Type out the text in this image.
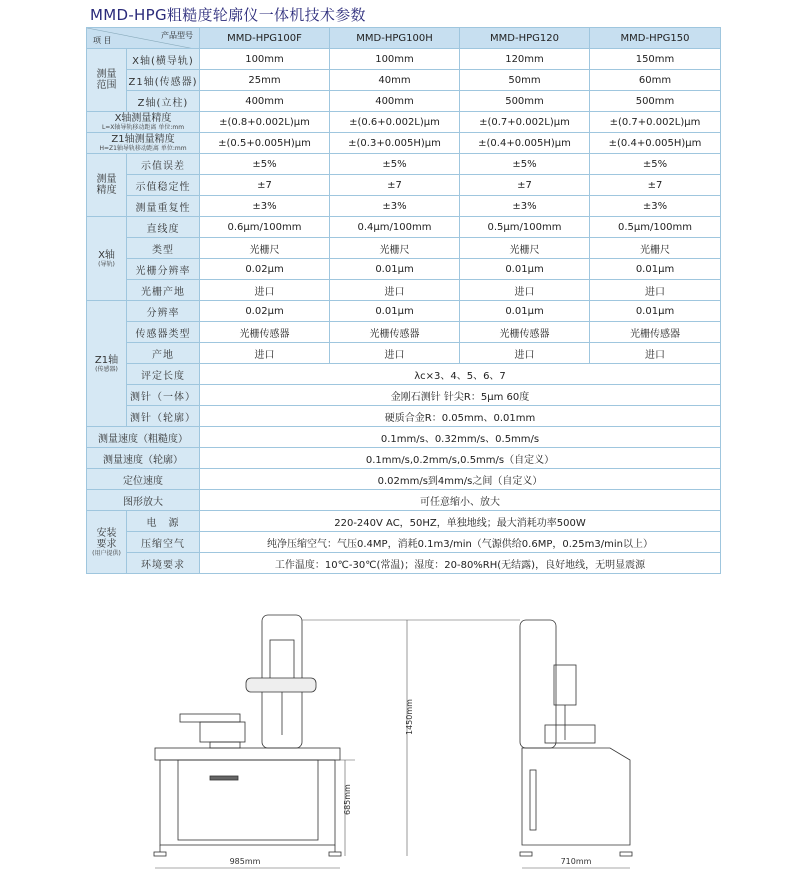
MMD-HPG粗糙度轮廓仪一体机技术参数
产品型号
项 目		MMD-HPG100F	MMD-HPG100H	MMD-HPG120	MMD-HPG150

测量范围	X轴(横导轨)	100mm	100mm	120mm	150mm
	Z1轴(传感器)	25mm	40mm	50mm	60mm
	Z轴(立柱)	400mm	400mm	500mm	500mm

X轴测量精度
L=X轴导轨移动距离 单位:mm		±(0.8+0.002L)μm	±(0.6+0.002L)μm	±(0.7+0.002L)μm	±(0.7+0.002L)μm

Z1轴测量精度
H=Z1轴导轨移动距离 单位:mm		±(0.5+0.005H)μm	±(0.3+0.005H)μm	±(0.4+0.005H)μm	±(0.4+0.005H)μm

测量精度	示值误差	±5%	±5%	±5%	±5%
	示值稳定性	±7	±7	±7	±7
	测量重复性	±3%	±3%	±3%	±3%

X轴
(导轨)	直线度	0.6μm/100mm	0.4μm/100mm	0.5μm/100mm	0.5μm/100mm
	类型	光栅尺	光栅尺	光栅尺	光栅尺
	光栅分辨率	0.02μm	0.01μm	0.01μm	0.01μm
	光栅产地	进口	进口	进口	进口

Z1轴
(传感器)	分辨率	0.02μm	0.01μm	0.01μm	0.01μm
	传感器类型	光栅传感器	光栅传感器	光栅传感器	光栅传感器
	产地	进口	进口	进口	进口
	评定长度	λc×3、4、5、6、7			
	测针（一体）	金刚石测针 针尖R：5μm 60度			
	测针（轮廓）	硬质合金R：0.05mm、0.01mm			
测量速度（粗糙度）		0.1mm/s、0.32mm/s、0.5mm/s			
测量速度（轮廓）		0.1mm/s,0.2mm/s,0.5mm/s（自定义）			
定位速度		0.02mm/s到4mm/s之间（自定义）			
图形放大		可任意缩小、放大			

安装要求
(用户提供)	电　源	220-240V AC，50HZ，单独地线；最大消耗功率500W			
	压缩空气	纯净压缩空气：气压0.4MP，消耗0.1m3/min（气源供给0.6MP，0.25m3/min以上）			
	环境要求	工作温度：10℃-30℃(常温)；湿度：20-80%RH(无结露)，良好地线，无明显震源			
985mm	710mm
1450mm
685mm
